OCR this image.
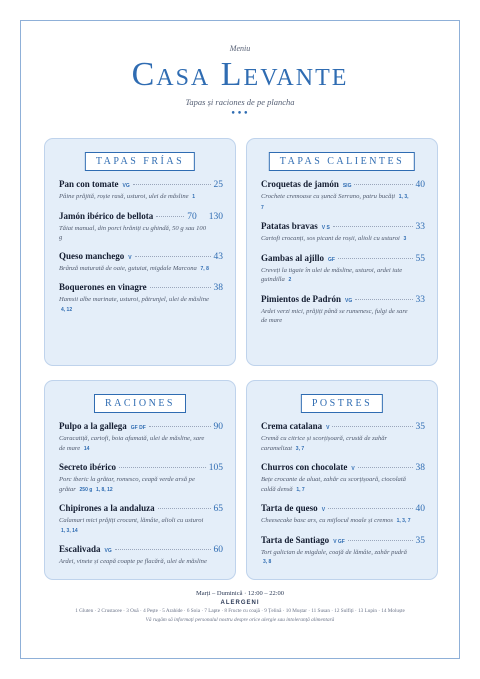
Meniu
Casa Levante
Tapas și raciones de pe plancha
•••
TAPAS FRÍAS
Pan con tomate VG	25
Pâine prăjită, roșie rasă, usturoi, ulei de măsline 1
Jamón ibérico de bellota	70 130
Tăiat manual, din porci hrăniți cu ghindă, 50 g sau 100 g
Queso manchego V	43
Brânză maturată de oaie, gutuiat, migdale Marcona 7, 8
Boquerones en vinagre	38
Hamsii albe marinate, usturoi, pătrunjel, ulei de măsline 4, 12
TAPAS CALIENTES
Croquetas de jamón SIG	40
Crochete cremoase cu șuncă Serrano, patru bucăți 1, 3, 7
Patatas bravas V S	33
Cartofi crocanți, sos picant de roșii, alioli cu usturoi 3
Gambas al ajillo GF	55
Creveți la tigaie în ulei de măsline, usturoi, ardei iute guindilla 2
Pimientos de Padrón VG	33
Ardei verzi mici, prăjiți până se rumenesc, fulgi de sare de mare
RACIONES
Pulpo a la gallega GF DF	90
Caracatiță, cartofi, boia afumată, ulei de măsline, sare de mare 14
Secreto ibérico	105
Porc iberic la grătar, romesco, ceapă verde arsă pe grătar 250 g 1, 8, 12
Chipirones a la andaluza	65
Calamari mici prăjiți crocant, lămâie, alioli cu usturoi 1, 3, 14
Escalivada VG	60
Ardei, vinete și ceapă coapte pe flacără, ulei de măsline
POSTRES
Crema catalana V	35
Cremă cu citrice și scorțișoară, crustă de zahăr caramelizat 3, 7
Churros con chocolate V	38
Bețe crocante de aluat, zahăr cu scorțișoară, ciocolată caldă densă 1, 7
Tarta de queso V	40
Cheesecake basc ars, cu mijlocul moale și cremos 1, 3, 7
Tarta de Santiago V GF	35
Tort galician de migdale, coajă de lămâie, zahăr pudră 3, 8
Marți – Duminică · 12:00 – 22:00
ALERGENI
1 Gluten · 2 Crustacee · 3 Ouă · 4 Pește · 5 Arahide · 6 Soia · 7 Lapte · 8 Fructe cu coajă · 9 Țelină · 10 Muștar · 11 Susan · 12 Sulfiți · 13 Lupin · 14 Moluște
Vă rugăm să informați personalul nostru despre orice alergie sau intoleranță alimentară
